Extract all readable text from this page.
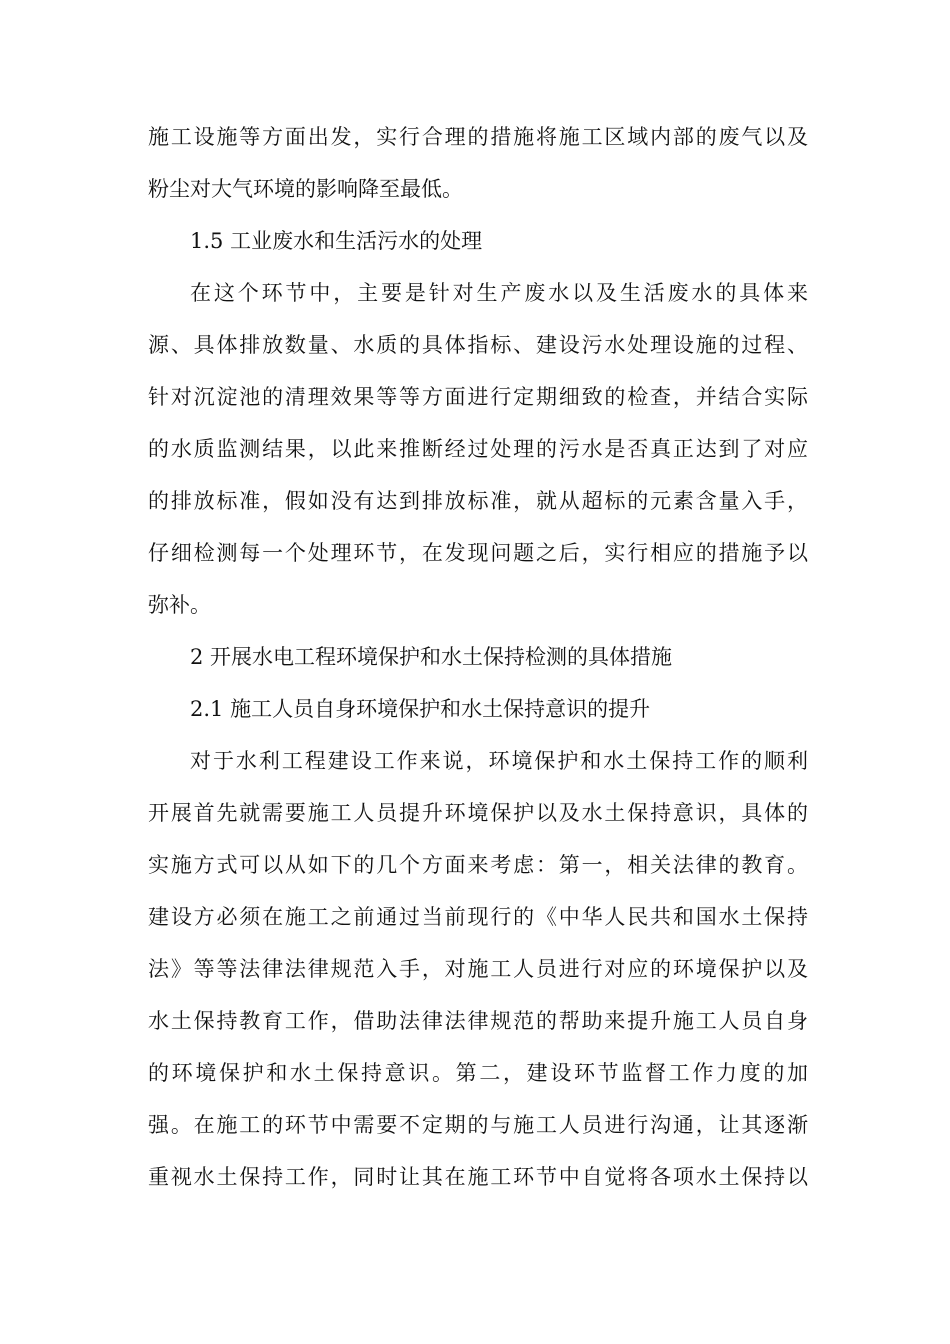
施工设施等方面出发，实行合理的措施将施工区域内部的废气以及
粉尘对大气环境的影响降至最低。
1.5 工业废水和生活污水的处理
在这个环节中，主要是针对生产废水以及生活废水的具体来
源、具体排放数量、水质的具体指标、建设污水处理设施的过程、
针对沉淀池的清理效果等等方面进行定期细致的检查，并结合实际
的水质监测结果，以此来推断经过处理的污水是否真正达到了对应
的排放标准，假如没有达到排放标准，就从超标的元素含量入手，
仔细检测每一个处理环节，在发现问题之后，实行相应的措施予以
弥补。
2 开展水电工程环境保护和水土保持检测的具体措施
2.1 施工人员自身环境保护和水土保持意识的提升
对于水利工程建设工作来说，环境保护和水土保持工作的顺利
开展首先就需要施工人员提升环境保护以及水土保持意识，具体的
实施方式可以从如下的几个方面来考虑：第一，相关法律的教育。
建设方必须在施工之前通过当前现行的《中华人民共和国水土保持
法》等等法律法律规范入手，对施工人员进行对应的环境保护以及
水土保持教育工作，借助法律法律规范的帮助来提升施工人员自身
的环境保护和水土保持意识。第二，建设环节监督工作力度的加
强。在施工的环节中需要不定期的与施工人员进行沟通，让其逐渐
重视水土保持工作，同时让其在施工环节中自觉将各项水土保持以
